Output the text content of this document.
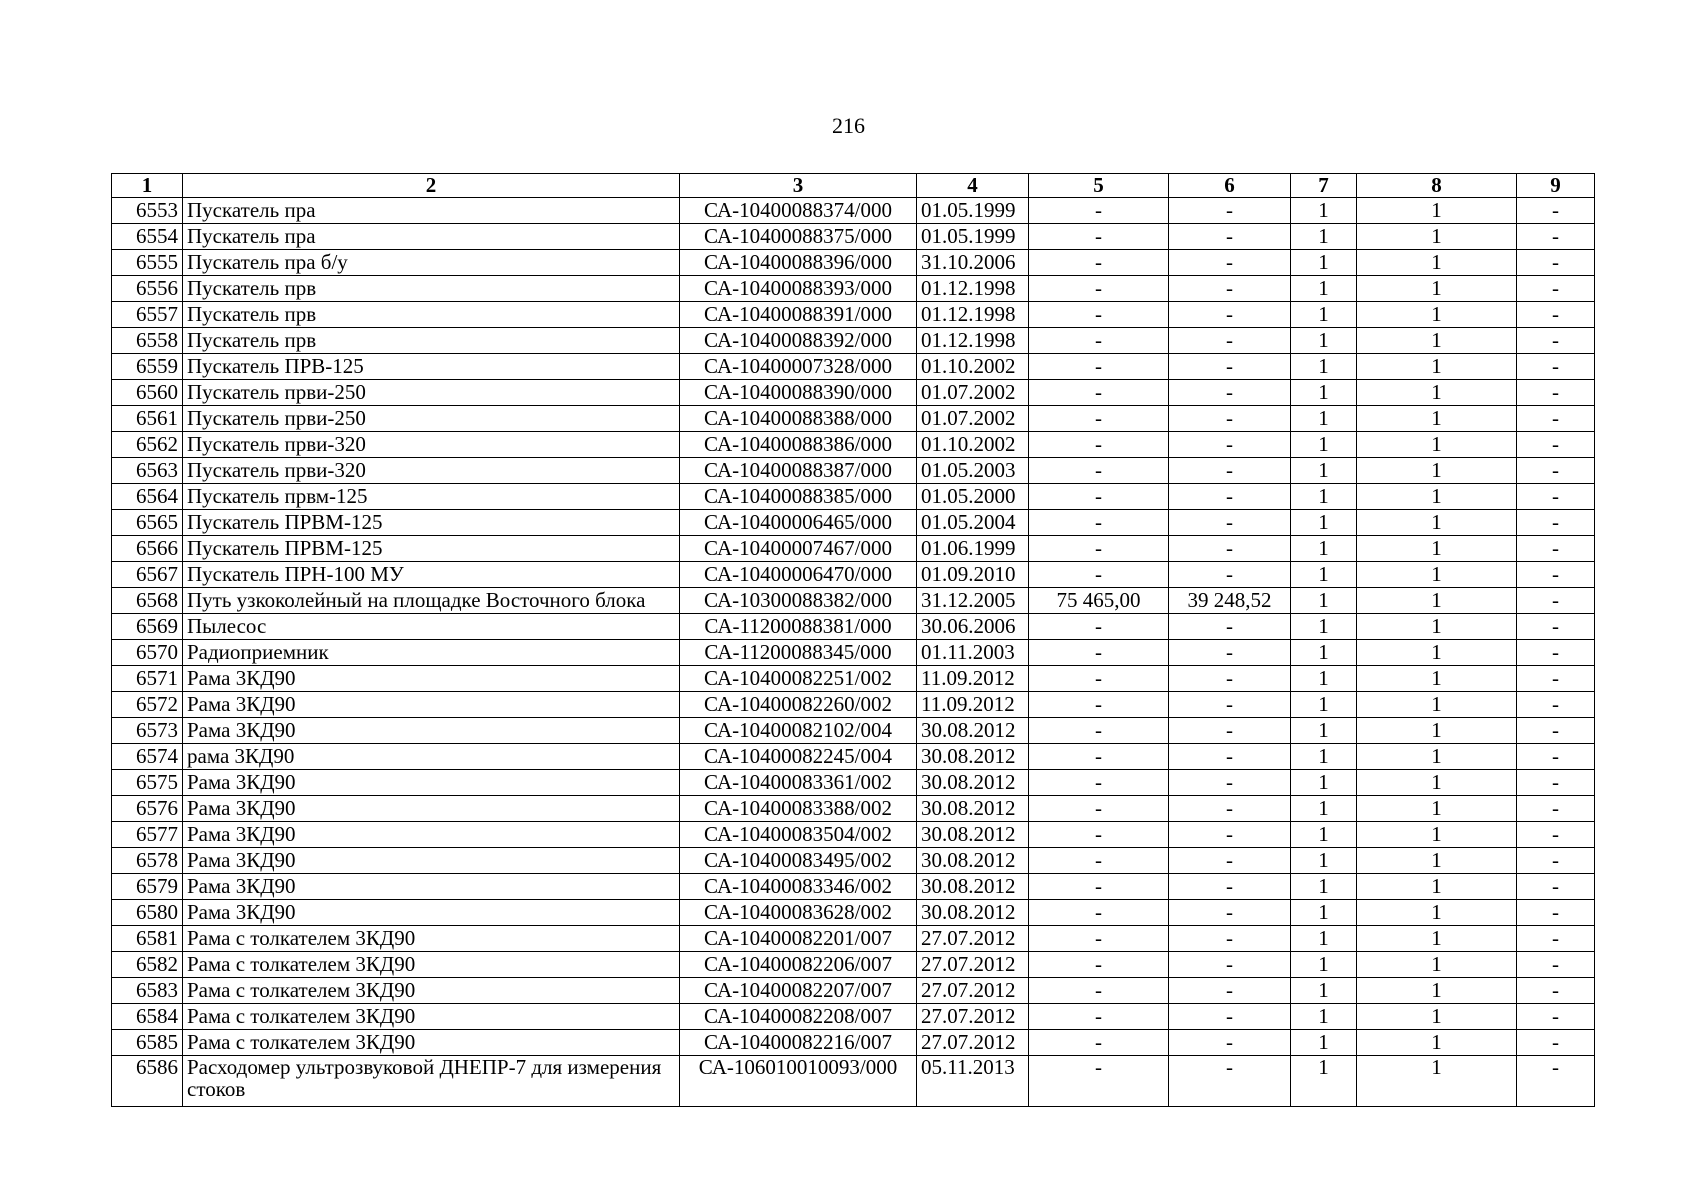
216
1	2	3	4	5	6	7	8	9
6553	Пускатель пра	СА-10400088374/000	01.05.1999	-	-	1	1	-
6554	Пускатель пра	СА-10400088375/000	01.05.1999	-	-	1	1	-
6555	Пускатель пра б/у	СА-10400088396/000	31.10.2006	-	-	1	1	-
6556	Пускатель прв	СА-10400088393/000	01.12.1998	-	-	1	1	-
6557	Пускатель прв	СА-10400088391/000	01.12.1998	-	-	1	1	-
6558	Пускатель прв	СА-10400088392/000	01.12.1998	-	-	1	1	-
6559	Пускатель ПРВ-125	СА-10400007328/000	01.10.2002	-	-	1	1	-
6560	Пускатель први-250	СА-10400088390/000	01.07.2002	-	-	1	1	-
6561	Пускатель први-250	СА-10400088388/000	01.07.2002	-	-	1	1	-
6562	Пускатель први-320	СА-10400088386/000	01.10.2002	-	-	1	1	-
6563	Пускатель први-320	СА-10400088387/000	01.05.2003	-	-	1	1	-
6564	Пускатель првм-125	СА-10400088385/000	01.05.2000	-	-	1	1	-
6565	Пускатель ПРВМ-125	СА-10400006465/000	01.05.2004	-	-	1	1	-
6566	Пускатель ПРВМ-125	СА-10400007467/000	01.06.1999	-	-	1	1	-
6567	Пускатель ПРН-100 МУ	СА-10400006470/000	01.09.2010	-	-	1	1	-
6568	Путь узкоколейный на площадке Восточного блока	СА-10300088382/000	31.12.2005	75 465,00	39 248,52	1	1	-
6569	Пылесос	СА-11200088381/000	30.06.2006	-	-	1	1	-
6570	Радиоприемник	СА-11200088345/000	01.11.2003	-	-	1	1	-
6571	Рама 3КД90	СА-10400082251/002	11.09.2012	-	-	1	1	-
6572	Рама 3КД90	СА-10400082260/002	11.09.2012	-	-	1	1	-
6573	Рама 3КД90	СА-10400082102/004	30.08.2012	-	-	1	1	-
6574	рама 3КД90	СА-10400082245/004	30.08.2012	-	-	1	1	-
6575	Рама 3КД90	СА-10400083361/002	30.08.2012	-	-	1	1	-
6576	Рама 3КД90	СА-10400083388/002	30.08.2012	-	-	1	1	-
6577	Рама 3КД90	СА-10400083504/002	30.08.2012	-	-	1	1	-
6578	Рама 3КД90	СА-10400083495/002	30.08.2012	-	-	1	1	-
6579	Рама 3КД90	СА-10400083346/002	30.08.2012	-	-	1	1	-
6580	Рама 3КД90	СА-10400083628/002	30.08.2012	-	-	1	1	-
6581	Рама с толкателем 3КД90	СА-10400082201/007	27.07.2012	-	-	1	1	-
6582	Рама с толкателем 3КД90	СА-10400082206/007	27.07.2012	-	-	1	1	-
6583	Рама с толкателем 3КД90	СА-10400082207/007	27.07.2012	-	-	1	1	-
6584	Рама с толкателем 3КД90	СА-10400082208/007	27.07.2012	-	-	1	1	-
6585	Рама с толкателем 3КД90	СА-10400082216/007	27.07.2012	-	-	1	1	-
6586	Расходомер ультрозвуковой ДНЕПР-7 для измерения стоков	СА-106010010093/000	05.11.2013	-	-	1	1	-
